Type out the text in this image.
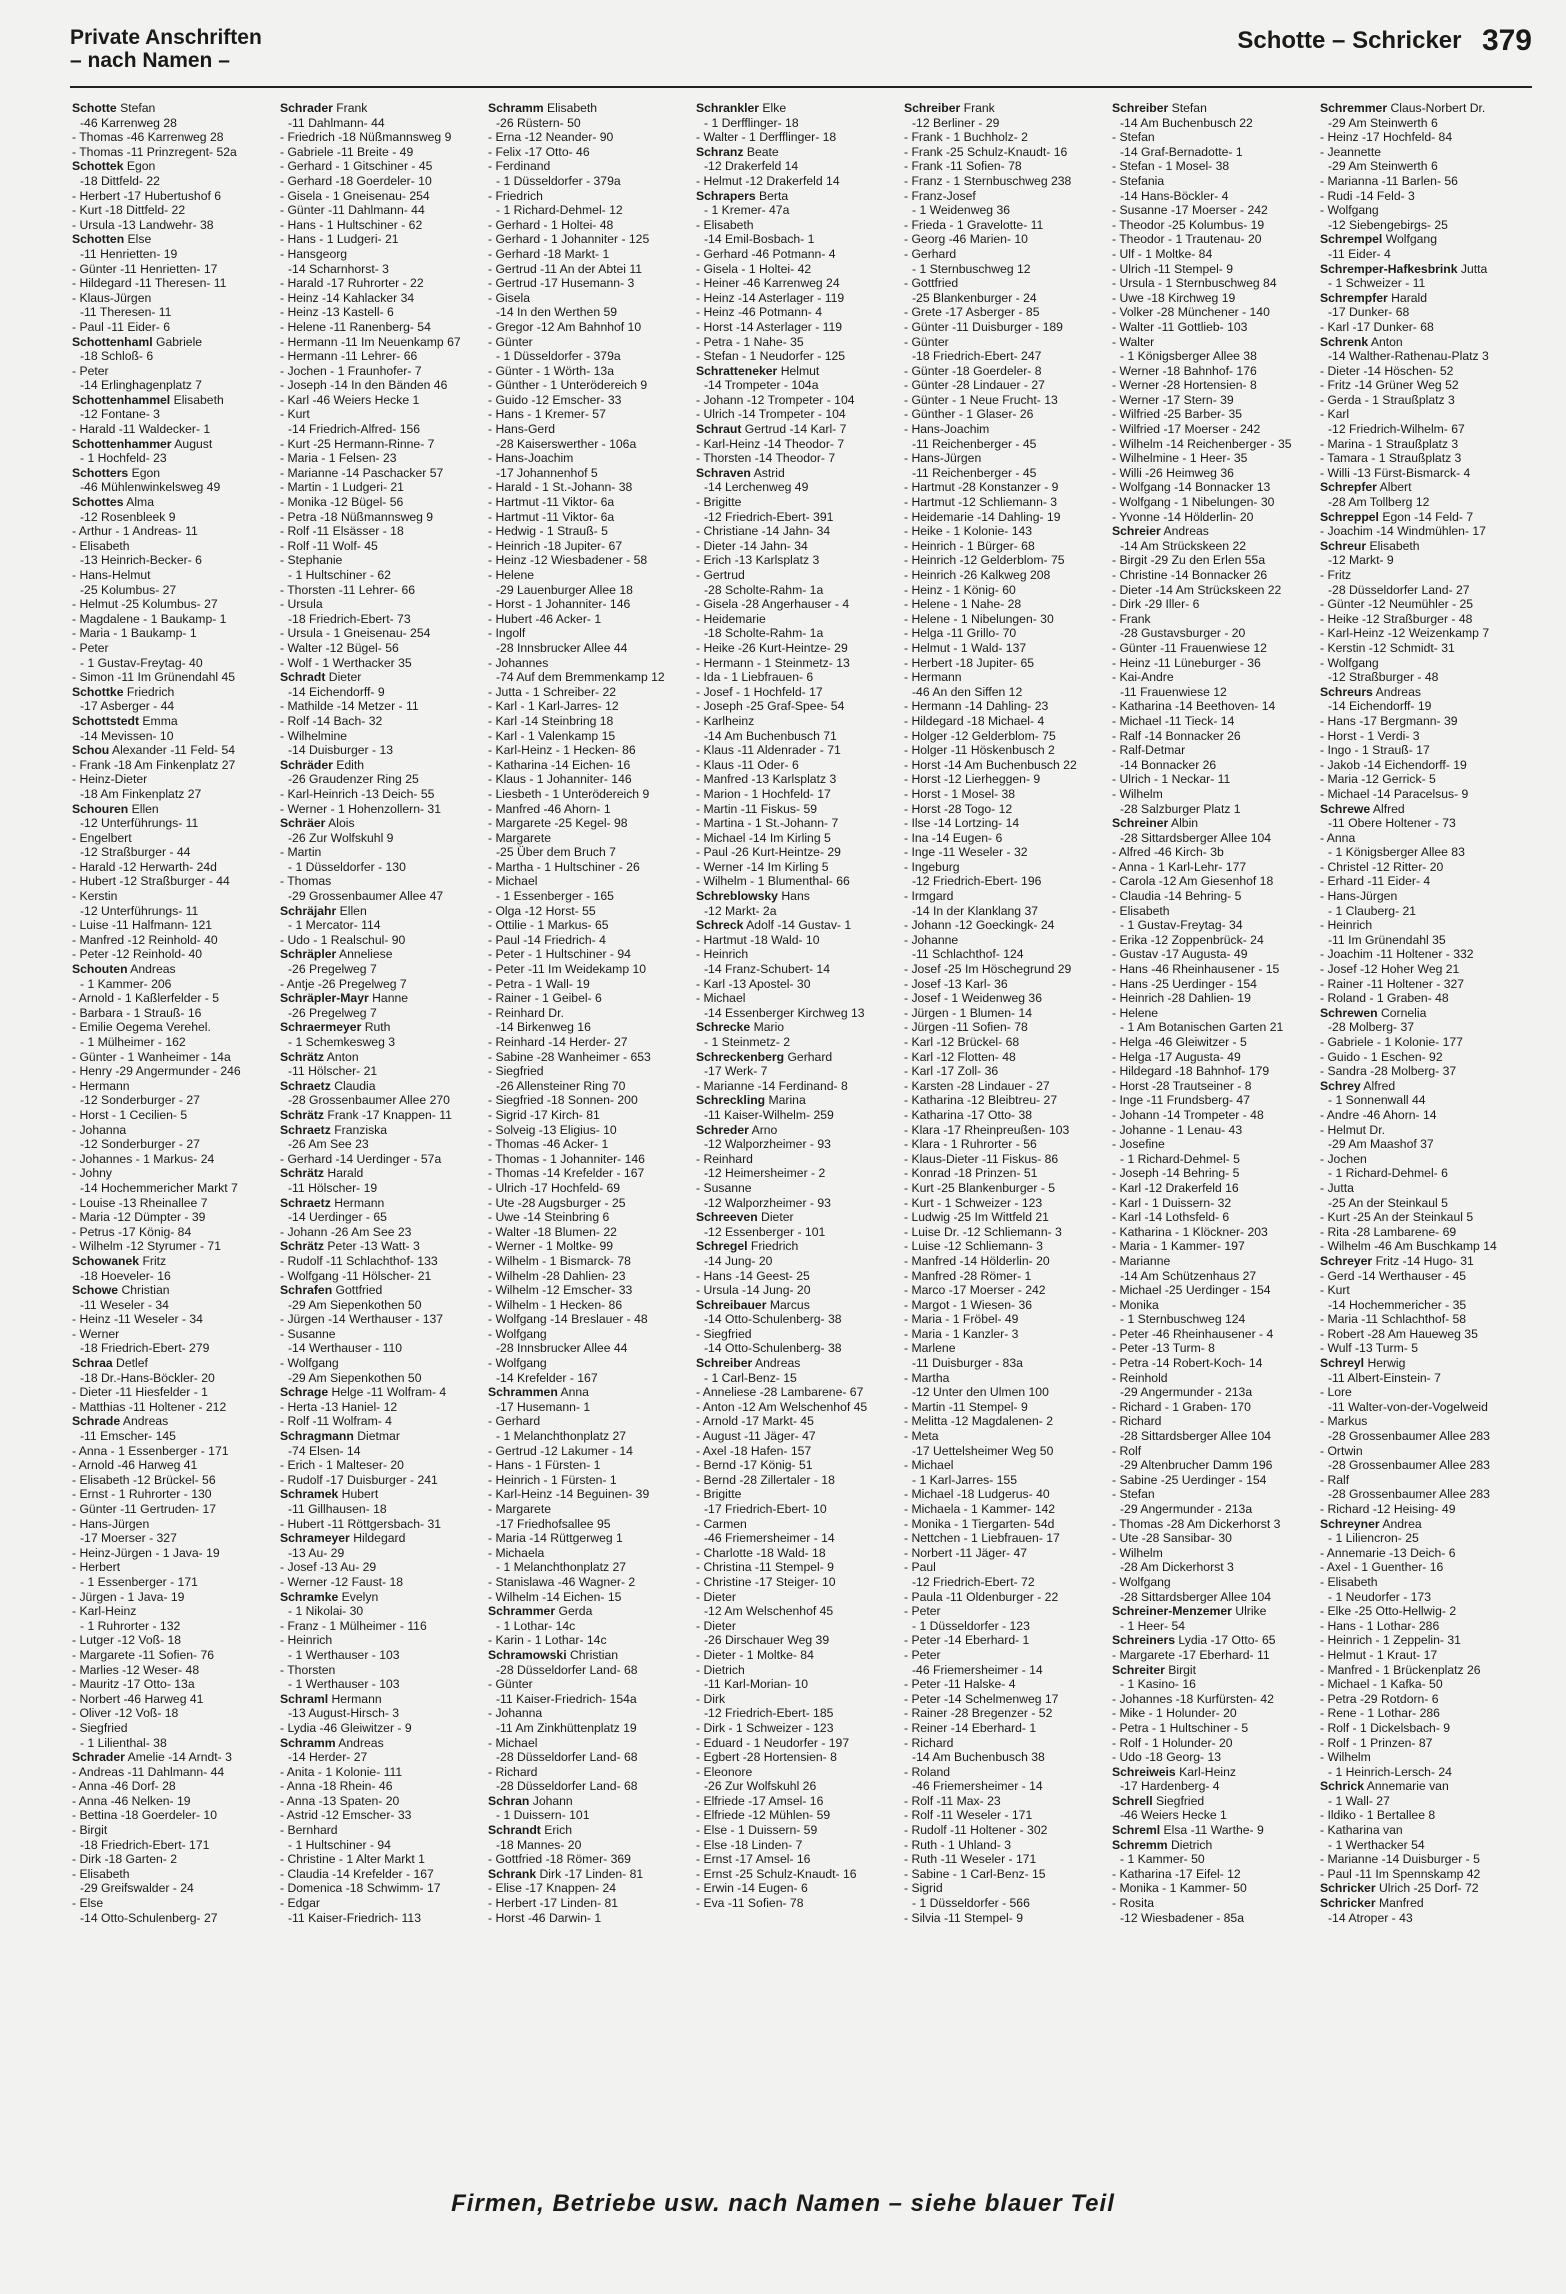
Private Anschriften
– nach Namen –
Schotte – Schricker 379
Schotte Stefan
-46 Karrenweg 28
- Thomas -46 Karrenweg 28
- Thomas -11 Prinzregent- 52a
Schottek Egon
-18 Dittfeld- 22
- Herbert -17 Hubertushof 6
- Kurt -18 Dittfeld- 22
- Ursula -13 Landwehr- 38
Schotten Else
-11 Henrietten- 19
- Günter -11 Henrietten- 17
- Hildegard -11 Theresen- 11
- Klaus-Jürgen
-11 Theresen- 11
- Paul -11 Eider- 6
Schottenhaml Gabriele
-18 Schloß- 6
- Peter
-14 Erlinghagenplatz 7
Schottenhammel Elisabeth
-12 Fontane- 3
- Harald -11 Waldecker- 1
Schottenhammer August
- 1 Hochfeld- 23
Schotters Egon
-46 Mühlenwinkelsweg 49
Schottes Alma
-12 Rosenbleek 9
- Arthur - 1 Andreas- 11
- Elisabeth
-13 Heinrich-Becker- 6
- Hans-Helmut
-25 Kolumbus- 27
- Helmut -25 Kolumbus- 27
- Magdalene - 1 Baukamp- 1
- Maria - 1 Baukamp- 1
- Peter
- 1 Gustav-Freytag- 40
- Simon -11 Im Grünendahl 45
Schottke Friedrich
-17 Asberger - 44
Schottstedt Emma
-14 Mevissen- 10
Schou Alexander -11 Feld- 54
- Frank -18 Am Finkenplatz 27
- Heinz-Dieter
-18 Am Finkenplatz 27
Schouren Ellen
-12 Unterführungs- 11
- Engelbert
-12 Straßburger - 44
- Harald -12 Herwarth- 24d
- Hubert -12 Straßburger - 44
- Kerstin
-12 Unterführungs- 11
- Luise -11 Halfmann- 121
- Manfred -12 Reinhold- 40
- Peter -12 Reinhold- 40
Schouten Andreas
- 1 Kammer- 206
- Arnold - 1 Kaßlerfelder - 5
- Barbara - 1 Strauß- 16
- Emilie Oegema Verehel.
- 1 Mülheimer - 162
- Günter - 1 Wanheimer - 14a
- Henry -29 Angermunder - 246
- Hermann
-12 Sonderburger - 27
- Horst - 1 Cecilien- 5
- Johanna
-12 Sonderburger - 27
- Johannes - 1 Markus- 24
- Johny
-14 Hochemmericher Markt 7
- Louise -13 Rheinallee 7
- Maria -12 Dümpter - 39
- Petrus -17 König- 84
- Wilhelm -12 Styrumer - 71
Schowanek Fritz
-18 Hoeveler- 16
Schowe Christian
-11 Weseler - 34
- Heinz -11 Weseler - 34
- Werner
-18 Friedrich-Ebert- 279
Schraa Detlef
-18 Dr.-Hans-Böckler- 20
- Dieter -11 Hiesfelder - 1
- Matthias -11 Holtener - 212
Schrade Andreas
-11 Emscher- 145
- Anna - 1 Essenberger - 171
- Arnold -46 Harweg 41
- Elisabeth -12 Brückel- 56
- Ernst - 1 Ruhrorter - 130
- Günter -11 Gertruden- 17
- Hans-Jürgen
-17 Moerser - 327
- Heinz-Jürgen - 1 Java- 19
- Herbert
- 1 Essenberger - 171
- Jürgen - 1 Java- 19
- Karl-Heinz
- 1 Ruhrorter - 132
- Lutger -12 Voß- 18
- Margarete -11 Sofien- 76
- Marlies -12 Weser- 48
- Mauritz -17 Otto- 13a
- Norbert -46 Harweg 41
- Oliver -12 Voß- 18
- Siegfried
- 1 Lilienthal- 38
Schrader Amelie -14 Arndt- 3
- Andreas -11 Dahlmann- 44
- Anna -46 Dorf- 28
- Anna -46 Nelken- 19
- Bettina -18 Goerdeler- 10
- Birgit
-18 Friedrich-Ebert- 171
- Dirk -18 Garten- 2
- Elisabeth
-29 Greifswalder - 24
- Else
-14 Otto-Schulenberg- 27
Schrader Frank
-11 Dahlmann- 44
- Friedrich -18 Nüßmannsweg 9
- Gabriele -11 Breite - 49
- Gerhard - 1 Gitschiner - 45
- Gerhard -18 Goerdeler- 10
- Gisela - 1 Gneisenau- 254
- Günter -11 Dahlmann- 44
- Hans - 1 Hultschiner - 62
- Hans - 1 Ludgeri- 21
- Hansgeorg
-14 Scharnhorst- 3
- Harald -17 Ruhrorter - 22
- Heinz -14 Kahlacker 34
- Heinz -13 Kastell- 6
- Helene -11 Ranenberg- 54
- Hermann -11 Im Neuenkamp 67
- Hermann -11 Lehrer- 66
- Jochen - 1 Fraunhofer- 7
- Joseph -14 In den Bänden 46
- Karl -46 Weiers Hecke 1
- Kurt
-14 Friedrich-Alfred- 156
- Kurt -25 Hermann-Rinne- 7
- Maria - 1 Felsen- 23
- Marianne -14 Paschacker 57
- Martin - 1 Ludgeri- 21
- Monika -12 Bügel- 56
- Petra -18 Nüßmannsweg 9
- Rolf -11 Elsässer - 18
- Rolf -11 Wolf- 45
- Stephanie
- 1 Hultschiner - 62
- Thorsten -11 Lehrer- 66
- Ursula
-18 Friedrich-Ebert- 73
- Ursula - 1 Gneisenau- 254
- Walter -12 Bügel- 56
- Wolf - 1 Werthacker 35
Schradt Dieter
-14 Eichendorff- 9
- Mathilde -14 Metzer - 11
- Rolf -14 Bach- 32
- Wilhelmine
-14 Duisburger - 13
Schräder Edith
-26 Graudenzer Ring 25
- Karl-Heinrich -13 Deich- 55
- Werner - 1 Hohenzollern- 31
Schräer Alois
-26 Zur Wolfskuhl 9
- Martin
- 1 Düsseldorfer - 130
- Thomas
-29 Grossenbaumer Allee 47
Schräjahr Ellen
- 1 Mercator- 114
- Udo - 1 Realschul- 90
Schräpler Anneliese
-26 Pregelweg 7
- Antje -26 Pregelweg 7
Schräpler-Mayr Hanne
-26 Pregelweg 7
Schraermeyer Ruth
- 1 Schemkesweg 3
Schrätz Anton
-11 Hölscher- 21
Schraetz Claudia
-28 Grossenbaumer Allee 270
Schrätz Frank -17 Knappen- 11
Schraetz Franziska
-26 Am See 23
- Gerhard -14 Uerdinger - 57a
Schrätz Harald
-11 Hölscher- 19
Schraetz Hermann
-14 Uerdinger - 65
- Johann -26 Am See 23
Schrätz Peter -13 Watt- 3
- Rudolf -11 Schlachthof- 133
- Wolfgang -11 Hölscher- 21
Schrafen Gottfried
-29 Am Siepenkothen 50
- Jürgen -14 Werthauser - 137
- Susanne
-14 Werthauser - 110
- Wolfgang
-29 Am Siepenkothen 50
Schrage Helge -11 Wolfram- 4
- Herta -13 Haniel- 12
- Rolf -11 Wolfram- 4
Schragmann Dietmar
-74 Elsen- 14
- Erich - 1 Malteser- 20
- Rudolf -17 Duisburger - 241
Schramek Hubert
-11 Gillhausen- 18
- Hubert -11 Röttgersbach- 31
Schrameyer Hildegard
-13 Au- 29
- Josef -13 Au- 29
- Werner -12 Faust- 18
Schramke Evelyn
- 1 Nikolai- 30
- Franz - 1 Mülheimer - 116
- Heinrich
- 1 Werthauser - 103
- Thorsten
- 1 Werthauser - 103
Schraml Hermann
-13 August-Hirsch- 3
- Lydia -46 Gleiwitzer - 9
Schramm Andreas
-14 Herder- 27
- Anita - 1 Kolonie- 111
- Anna -18 Rhein- 46
- Anna -13 Spaten- 20
- Astrid -12 Emscher- 33
- Bernhard
- 1 Hultschiner - 94
- Christine - 1 Alter Markt 1
- Claudia -14 Krefelder - 167
- Domenica -18 Schwimm- 17
- Edgar
-11 Kaiser-Friedrich- 113
Schramm Elisabeth
-26 Rüstern- 50
- Erna -12 Neander- 90
- Felix -17 Otto- 46
- Ferdinand
- 1 Düsseldorfer - 379a
- Friedrich
- 1 Richard-Dehmel- 12
- Gerhard - 1 Holtei- 48
- Gerhard - 1 Johanniter - 125
- Gerhard -18 Markt- 1
- Gertrud -11 An der Abtei 11
- Gertrud -17 Husemann- 3
- Gisela
-14 In den Werthen 59
- Gregor -12 Am Bahnhof 10
- Günter
- 1 Düsseldorfer - 379a
- Günter - 1 Wörth- 13a
- Günther - 1 Unterödereich 9
- Guido -12 Emscher- 33
- Hans - 1 Kremer- 57
- Hans-Gerd
-28 Kaiserswerther - 106a
- Hans-Joachim
-17 Johannenhof 5
- Harald - 1 St.-Johann- 38
- Hartmut -11 Viktor- 6a
- Hartmut -11 Viktor- 6a
- Hedwig - 1 Strauß- 5
- Heinrich -18 Jupiter- 67
- Heinz -12 Wiesbadener - 58
- Helene
-29 Lauenburger Allee 18
- Horst - 1 Johanniter- 146
- Hubert -46 Acker- 1
- Ingolf
-28 Innsbrucker Allee 44
- Johannes
-74 Auf dem Bremmenkamp 12
- Jutta - 1 Schreiber- 22
- Karl - 1 Karl-Jarres- 12
- Karl -14 Steinbring 18
- Karl - 1 Valenkamp 15
- Karl-Heinz - 1 Hecken- 86
- Katharina -14 Eichen- 16
- Klaus - 1 Johanniter- 146
- Liesbeth - 1 Unterödereich 9
- Manfred -46 Ahorn- 1
- Margarete -25 Kegel- 98
- Margarete
-25 Über dem Bruch 7
- Martha - 1 Hultschiner - 26
- Michael
- 1 Essenberger - 165
- Olga -12 Horst- 55
- Ottilie - 1 Markus- 65
- Paul -14 Friedrich- 4
- Peter - 1 Hultschiner - 94
- Peter -11 Im Weidekamp 10
- Petra - 1 Wall- 19
- Rainer - 1 Geibel- 6
- Reinhard Dr.
-14 Birkenweg 16
- Reinhard -14 Herder- 27
- Sabine -28 Wanheimer - 653
- Siegfried
-26 Allensteiner Ring 70
- Siegfried -18 Sonnen- 200
- Sigrid -17 Kirch- 81
- Solveig -13 Eligius- 10
- Thomas -46 Acker- 1
- Thomas - 1 Johanniter- 146
- Thomas -14 Krefelder - 167
- Ulrich -17 Hochfeld- 69
- Ute -28 Augsburger - 25
- Uwe -14 Steinbring 6
- Walter -18 Blumen- 22
- Werner - 1 Moltke- 99
- Wilhelm - 1 Bismarck- 78
- Wilhelm -28 Dahlien- 23
- Wilhelm -12 Emscher- 33
- Wilhelm - 1 Hecken- 86
- Wolfgang -14 Breslauer - 48
- Wolfgang
-28 Innsbrucker Allee 44
- Wolfgang
-14 Krefelder - 167
Schrammen Anna
-17 Husemann- 1
- Gerhard
- 1 Melanchthonplatz 27
- Gertrud -12 Lakumer - 14
- Hans - 1 Fürsten- 1
- Heinrich - 1 Fürsten- 1
- Karl-Heinz -14 Beguinen- 39
- Margarete
-17 Friedhofsallee 95
- Maria -14 Rüttgerweg 1
- Michaela
- 1 Melanchthonplatz 27
- Stanislawa -46 Wagner- 2
- Wilhelm -14 Eichen- 15
Schrammer Gerda
- 1 Lothar- 14c
- Karin - 1 Lothar- 14c
Schramowski Christian
-28 Düsseldorfer Land- 68
- Günter
-11 Kaiser-Friedrich- 154a
- Johanna
-11 Am Zinkhüttenplatz 19
- Michael
-28 Düsseldorfer Land- 68
- Richard
-28 Düsseldorfer Land- 68
Schran Johann
- 1 Duissern- 101
Schrandt Erich
-18 Mannes- 20
- Gottfried -18 Römer- 369
Schrank Dirk -17 Linden- 81
- Elise -17 Knappen- 24
- Herbert -17 Linden- 81
- Horst -46 Darwin- 1
Schrankler Elke
- 1 Derfflinger- 18
- Walter - 1 Derfflinger- 18
Schranz Beate
-12 Drakerfeld 14
- Helmut -12 Drakerfeld 14
Schrapers Berta
- 1 Kremer- 47a
- Elisabeth
-14 Emil-Bosbach- 1
- Gerhard -46 Potmann- 4
- Gisela - 1 Holtei- 42
- Heiner -46 Karrenweg 24
- Heinz -14 Asterlager - 119
- Heinz -46 Potmann- 4
- Horst -14 Asterlager - 119
- Petra - 1 Nahe- 35
- Stefan - 1 Neudorfer - 125
Schratteneker Helmut
-14 Trompeter - 104a
- Johann -12 Trompeter - 104
- Ulrich -14 Trompeter - 104
Schraut Gertrud -14 Karl- 7
- Karl-Heinz -14 Theodor- 7
- Thorsten -14 Theodor- 7
Schraven Astrid
-14 Lerchenweg 49
- Brigitte
-12 Friedrich-Ebert- 391
- Christiane -14 Jahn- 34
- Dieter -14 Jahn- 34
- Erich -13 Karlsplatz 3
- Gertrud
-28 Scholte-Rahm- 1a
- Gisela -28 Angerhauser - 4
- Heidemarie
-18 Scholte-Rahm- 1a
- Heike -26 Kurt-Heintze- 29
- Hermann - 1 Steinmetz- 13
- Ida - 1 Liebfrauen- 6
- Josef - 1 Hochfeld- 17
- Joseph -25 Graf-Spee- 54
- Karlheinz
-14 Am Buchenbusch 71
- Klaus -11 Aldenrader - 71
- Klaus -11 Oder- 6
- Manfred -13 Karlsplatz 3
- Marion - 1 Hochfeld- 17
- Martin -11 Fiskus- 59
- Martina - 1 St.-Johann- 7
- Michael -14 Im Kirling 5
- Paul -26 Kurt-Heintze- 29
- Werner -14 Im Kirling 5
- Wilhelm - 1 Blumenthal- 66
Schreblowsky Hans
-12 Markt- 2a
Schreck Adolf -14 Gustav- 1
- Hartmut -18 Wald- 10
- Heinrich
-14 Franz-Schubert- 14
- Karl -13 Apostel- 30
- Michael
-14 Essenberger Kirchweg 13
Schrecke Mario
- 1 Steinmetz- 2
Schreckenberg Gerhard
-17 Werk- 7
- Marianne -14 Ferdinand- 8
Schreckling Marina
-11 Kaiser-Wilhelm- 259
Schreder Arno
-12 Walporzheimer - 93
- Reinhard
-12 Heimersheimer - 2
- Susanne
-12 Walporzheimer - 93
Schreeven Dieter
-12 Essenberger - 101
Schregel Friedrich
-14 Jung- 20
- Hans -14 Geest- 25
- Ursula -14 Jung- 20
Schreibauer Marcus
-14 Otto-Schulenberg- 38
- Siegfried
-14 Otto-Schulenberg- 38
Schreiber Andreas
- 1 Carl-Benz- 15
- Anneliese -28 Lambarene- 67
- Anton -12 Am Welschenhof 45
- Arnold -17 Markt- 45
- August -11 Jäger- 47
- Axel -18 Hafen- 157
- Bernd -17 König- 51
- Bernd -28 Zillertaler - 18
- Brigitte
-17 Friedrich-Ebert- 10
- Carmen
-46 Friemersheimer - 14
- Charlotte -18 Wald- 18
- Christina -11 Stempel- 9
- Christine -17 Steiger- 10
- Dieter
-12 Am Welschenhof 45
- Dieter
-26 Dirschauer Weg 39
- Dieter - 1 Moltke- 84
- Dietrich
-11 Karl-Morian- 10
- Dirk
-12 Friedrich-Ebert- 185
- Dirk - 1 Schweizer - 123
- Eduard - 1 Neudorfer - 197
- Egbert -28 Hortensien- 8
- Eleonore
-26 Zur Wolfskuhl 26
- Elfriede -17 Amsel- 16
- Elfriede -12 Mühlen- 59
- Else - 1 Duissern- 59
- Else -18 Linden- 7
- Ernst -17 Amsel- 16
- Ernst -25 Schulz-Knaudt- 16
- Erwin -14 Eugen- 6
- Eva -11 Sofien- 78
Schreiber Frank
-12 Berliner - 29
- Frank - 1 Buchholz- 2
- Frank -25 Schulz-Knaudt- 16
- Frank -11 Sofien- 78
- Franz - 1 Sternbuschweg 238
- Franz-Josef
- 1 Weidenweg 36
- Frieda - 1 Gravelotte- 11
- Georg -46 Marien- 10
- Gerhard
- 1 Sternbuschweg 12
- Gottfried
-25 Blankenburger - 24
- Grete -17 Asberger - 85
- Günter -11 Duisburger - 189
- Günter
-18 Friedrich-Ebert- 247
- Günter -18 Goerdeler- 8
- Günter -28 Lindauer - 27
- Günter - 1 Neue Frucht- 13
- Günther - 1 Glaser- 26
- Hans-Joachim
-11 Reichenberger - 45
- Hans-Jürgen
-11 Reichenberger - 45
- Hartmut -28 Konstanzer - 9
- Hartmut -12 Schliemann- 3
- Heidemarie -14 Dahling- 19
- Heike - 1 Kolonie- 143
- Heinrich - 1 Bürger- 68
- Heinrich -12 Gelderblom- 75
- Heinrich -26 Kalkweg 208
- Heinz - 1 König- 60
- Helene - 1 Nahe- 28
- Helene - 1 Nibelungen- 30
- Helga -11 Grillo- 70
- Helmut - 1 Wald- 137
- Herbert -18 Jupiter- 65
- Hermann
-46 An den Siffen 12
- Hermann -14 Dahling- 23
- Hildegard -18 Michael- 4
- Holger -12 Gelderblom- 75
- Holger -11 Höskenbusch 2
- Horst -14 Am Buchenbusch 22
- Horst -12 Lierheggen- 9
- Horst - 1 Mosel- 38
- Horst -28 Togo- 12
- Ilse -14 Lortzing- 14
- Ina -14 Eugen- 6
- Inge -11 Weseler - 32
- Ingeburg
-12 Friedrich-Ebert- 196
- Irmgard
-14 In der Klanklang 37
- Johann -12 Goeckingk- 24
- Johanne
-11 Schlachthof- 124
- Josef -25 Im Höschegrund 29
- Josef -13 Karl- 36
- Josef - 1 Weidenweg 36
- Jürgen - 1 Blumen- 14
- Jürgen -11 Sofien- 78
- Karl -12 Brückel- 68
- Karl -12 Flotten- 48
- Karl -17 Zoll- 36
- Karsten -28 Lindauer - 27
- Katharina -12 Bleibtreu- 27
- Katharina -17 Otto- 38
- Klara -17 Rheinpreußen- 103
- Klara - 1 Ruhrorter - 56
- Klaus-Dieter -11 Fiskus- 86
- Konrad -18 Prinzen- 51
- Kurt -25 Blankenburger - 5
- Kurt - 1 Schweizer - 123
- Ludwig -25 Im Wittfeld 21
- Luise Dr. -12 Schliemann- 3
- Luise -12 Schliemann- 3
- Manfred -14 Hölderlin- 20
- Manfred -28 Römer- 1
- Marco -17 Moerser - 242
- Margot - 1 Wiesen- 36
- Maria - 1 Fröbel- 49
- Maria - 1 Kanzler- 3
- Marlene
-11 Duisburger - 83a
- Martha
-12 Unter den Ulmen 100
- Martin -11 Stempel- 9
- Melitta -12 Magdalenen- 2
- Meta
-17 Uettelsheimer Weg 50
- Michael
- 1 Karl-Jarres- 155
- Michael -18 Ludgerus- 40
- Michaela - 1 Kammer- 142
- Monika - 1 Tiergarten- 54d
- Nettchen - 1 Liebfrauen- 17
- Norbert -11 Jäger- 47
- Paul
-12 Friedrich-Ebert- 72
- Paula -11 Oldenburger - 22
- Peter
- 1 Düsseldorfer - 123
- Peter -14 Eberhard- 1
- Peter
-46 Friemersheimer - 14
- Peter -11 Halske- 4
- Peter -14 Schelmenweg 17
- Rainer -28 Bregenzer - 52
- Reiner -14 Eberhard- 1
- Richard
-14 Am Buchenbusch 38
- Roland
-46 Friemersheimer - 14
- Rolf -11 Max- 23
- Rolf -11 Weseler - 171
- Rudolf -11 Holtener - 302
- Ruth - 1 Uhland- 3
- Ruth -11 Weseler - 171
- Sabine - 1 Carl-Benz- 15
- Sigrid
- 1 Düsseldorfer - 566
- Silvia -11 Stempel- 9
Schreiber Stefan
-14 Am Buchenbusch 22
- Stefan
-14 Graf-Bernadotte- 1
- Stefan - 1 Mosel- 38
- Stefania
-14 Hans-Böckler- 4
- Susanne -17 Moerser - 242
- Theodor -25 Kolumbus- 19
- Theodor - 1 Trautenau- 20
- Ulf - 1 Moltke- 84
- Ulrich -11 Stempel- 9
- Ursula - 1 Sternbuschweg 84
- Uwe -18 Kirchweg 19
- Volker -28 Münchener - 140
- Walter -11 Gottlieb- 103
- Walter
- 1 Königsberger Allee 38
- Werner -18 Bahnhof- 176
- Werner -28 Hortensien- 8
- Werner -17 Stern- 39
- Wilfried -25 Barber- 35
- Wilfried -17 Moerser - 242
- Wilhelm -14 Reichenberger - 35
- Wilhelmine - 1 Heer- 35
- Willi -26 Heimweg 36
- Wolfgang -14 Bonnacker 13
- Wolfgang - 1 Nibelungen- 30
- Yvonne -14 Hölderlin- 20
Schreier Andreas
-14 Am Strückskeen 22
- Birgit -29 Zu den Erlen 55a
- Christine -14 Bonnacker 26
- Dieter -14 Am Strückskeen 22
- Dirk -29 Iller- 6
- Frank
-28 Gustavsburger - 20
- Günter -11 Frauenwiese 12
- Heinz -11 Lüneburger - 36
- Kai-Andre
-11 Frauenwiese 12
- Katharina -14 Beethoven- 14
- Michael -11 Tieck- 14
- Ralf -14 Bonnacker 26
- Ralf-Detmar
-14 Bonnacker 26
- Ulrich - 1 Neckar- 11
- Wilhelm
-28 Salzburger Platz 1
Schreiner Albin
-28 Sittardsberger Allee 104
- Alfred -46 Kirch- 3b
- Anna - 1 Karl-Lehr- 177
- Carola -12 Am Giesenhof 18
- Claudia -14 Behring- 5
- Elisabeth
- 1 Gustav-Freytag- 34
- Erika -12 Zoppenbrück- 24
- Gustav -17 Augusta- 49
- Hans -46 Rheinhausener - 15
- Hans -25 Uerdinger - 154
- Heinrich -28 Dahlien- 19
- Helene
- 1 Am Botanischen Garten 21
- Helga -46 Gleiwitzer - 5
- Helga -17 Augusta- 49
- Hildegard -18 Bahnhof- 179
- Horst -28 Trautseiner - 8
- Inge -11 Frundsberg- 47
- Johann -14 Trompeter - 48
- Johanne - 1 Lenau- 43
- Josefine
- 1 Richard-Dehmel- 5
- Joseph -14 Behring- 5
- Karl -12 Drakerfeld 16
- Karl - 1 Duissern- 32
- Karl -14 Lothsfeld- 6
- Katharina - 1 Klöckner- 203
- Maria - 1 Kammer- 197
- Marianne
-14 Am Schützenhaus 27
- Michael -25 Uerdinger - 154
- Monika
- 1 Sternbuschweg 124
- Peter -46 Rheinhausener - 4
- Peter -13 Turm- 8
- Petra -14 Robert-Koch- 14
- Reinhold
-29 Angermunder - 213a
- Richard - 1 Graben- 170
- Richard
-28 Sittardsberger Allee 104
- Rolf
-29 Altenbrucher Damm 196
- Sabine -25 Uerdinger - 154
- Stefan
-29 Angermunder - 213a
- Thomas -28 Am Dickerhorst 3
- Ute -28 Sansibar- 30
- Wilhelm
-28 Am Dickerhorst 3
- Wolfgang
-28 Sittardsberger Allee 104
Schreiner-Menzemer Ulrike
- 1 Heer- 54
Schreiners Lydia -17 Otto- 65
- Margarete -17 Eberhard- 11
Schreiter Birgit
- 1 Kasino- 16
- Johannes -18 Kurfürsten- 42
- Mike - 1 Holunder- 20
- Petra - 1 Hultschiner - 5
- Rolf - 1 Holunder- 20
- Udo -18 Georg- 13
Schreiweis Karl-Heinz
-17 Hardenberg- 4
Schrell Siegfried
-46 Weiers Hecke 1
Schreml Elsa -11 Warthe- 9
Schremm Dietrich
- 1 Kammer- 50
- Katharina -17 Eifel- 12
- Monika - 1 Kammer- 50
- Rosita
-12 Wiesbadener - 85a
Schremmer Claus-Norbert Dr.
-29 Am Steinwerth 6
- Heinz -17 Hochfeld- 84
- Jeannette
-29 Am Steinwerth 6
- Marianna -11 Barlen- 56
- Rudi -14 Feld- 3
- Wolfgang
-12 Siebengebirgs- 25
Schrempel Wolfgang
-11 Eider- 4
Schremper-Hafkesbrink Jutta
- 1 Schweizer - 11
Schrempfer Harald
-17 Dunker- 68
- Karl -17 Dunker- 68
Schrenk Anton
-14 Walther-Rathenau-Platz 3
- Dieter -14 Höschen- 52
- Fritz -14 Grüner Weg 52
- Gerda - 1 Straußplatz 3
- Karl
-12 Friedrich-Wilhelm- 67
- Marina - 1 Straußplatz 3
- Tamara - 1 Straußplatz 3
- Willi -13 Fürst-Bismarck- 4
Schrepfer Albert
-28 Am Tollberg 12
Schreppel Egon -14 Feld- 7
- Joachim -14 Windmühlen- 17
Schreur Elisabeth
-12 Markt- 9
- Fritz
-28 Düsseldorfer Land- 27
- Günter -12 Neumühler - 25
- Heike -12 Straßburger - 48
- Karl-Heinz -12 Weizenkamp 7
- Kerstin -12 Schmidt- 31
- Wolfgang
-12 Straßburger - 48
Schreurs Andreas
-14 Eichendorff- 19
- Hans -17 Bergmann- 39
- Horst - 1 Verdi- 3
- Ingo - 1 Strauß- 17
- Jakob -14 Eichendorff- 19
- Maria -12 Gerrick- 5
- Michael -14 Paracelsus- 9
Schrewe Alfred
-11 Obere Holtener - 73
- Anna
- 1 Königsberger Allee 83
- Christel -12 Ritter- 20
- Erhard -11 Eider- 4
- Hans-Jürgen
- 1 Clauberg- 21
- Heinrich
-11 Im Grünendahl 35
- Joachim -11 Holtener - 332
- Josef -12 Hoher Weg 21
- Rainer -11 Holtener - 327
- Roland - 1 Graben- 48
Schrewen Cornelia
-28 Molberg- 37
- Gabriele - 1 Kolonie- 177
- Guido - 1 Eschen- 92
- Sandra -28 Molberg- 37
Schrey Alfred
- 1 Sonnenwall 44
- Andre -46 Ahorn- 14
- Helmut Dr.
-29 Am Maashof 37
- Jochen
- 1 Richard-Dehmel- 6
- Jutta
-25 An der Steinkaul 5
- Kurt -25 An der Steinkaul 5
- Rita -28 Lambarene- 69
- Wilhelm -46 Am Buschkamp 14
Schreyer Fritz -14 Hugo- 31
- Gerd -14 Werthauser - 45
- Kurt
-14 Hochemmericher - 35
- Maria -11 Schlachthof- 58
- Robert -28 Am Haueweg 35
- Wulf -13 Turm- 5
Schreyl Herwig
-11 Albert-Einstein- 7
- Lore
-11 Walter-von-der-Vogelweid
- Markus
-28 Grossenbaumer Allee 283
- Ortwin
-28 Grossenbaumer Allee 283
- Ralf
-28 Grossenbaumer Allee 283
- Richard -12 Heising- 49
Schreyner Andrea
- 1 Liliencron- 25
- Annemarie -13 Deich- 6
- Axel - 1 Guenther- 16
- Elisabeth
- 1 Neudorfer - 173
- Elke -25 Otto-Hellwig- 2
- Hans - 1 Lothar- 286
- Heinrich - 1 Zeppelin- 31
- Helmut - 1 Kraut- 17
- Manfred - 1 Brückenplatz 26
- Michael - 1 Kafka- 50
- Petra -29 Rotdorn- 6
- Rene - 1 Lothar- 286
- Rolf - 1 Dickelsbach- 9
- Rolf - 1 Prinzen- 87
- Wilhelm
- 1 Heinrich-Lersch- 24
Schrick Annemarie van
- 1 Wall- 27
- Ildiko - 1 Bertallee 8
- Katharina van
- 1 Werthacker 54
- Marianne -14 Duisburger - 5
- Paul -11 Im Spennskamp 42
Schricker Ulrich -25 Dorf- 72
Schricker Manfred
-14 Atroper - 43
Firmen, Betriebe usw. nach Namen – siehe blauer Teil
